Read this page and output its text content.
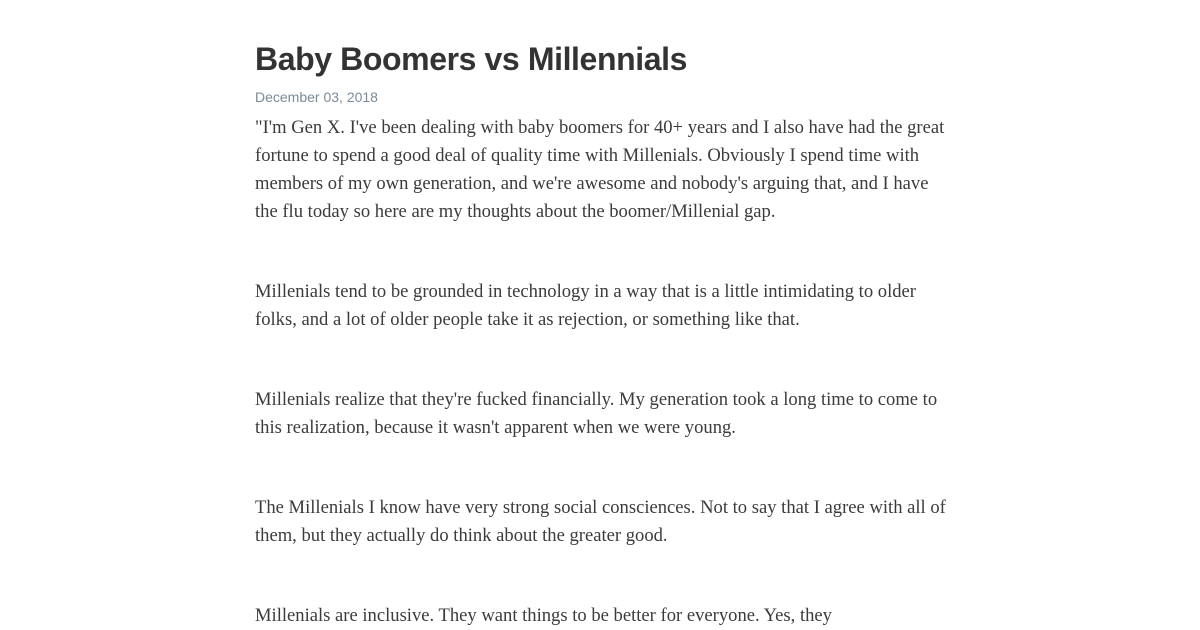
Baby Boomers vs Millennials
December 03, 2018

"I'm Gen X. I've been dealing with baby boomers for 40+ years and I also have had the great fortune to spend a good deal of quality time with Millenials. Obviously I spend time with members of my own generation, and we're awesome and nobody's arguing that, and I have the flu today so here are my thoughts about the boomer/Millenial gap.

Millenials tend to be grounded in technology in a way that is a little intimidating to older folks, and a lot of older people take it as rejection, or something like that.

Millenials realize that they're fucked financially. My generation took a long time to come to this realization, because it wasn't apparent when we were young.

The Millenials I know have very strong social consciences. Not to say that I agree with all of them, but they actually do think about the greater good.

Millenials are inclusive. They want things to be better for everyone. Yes, they
